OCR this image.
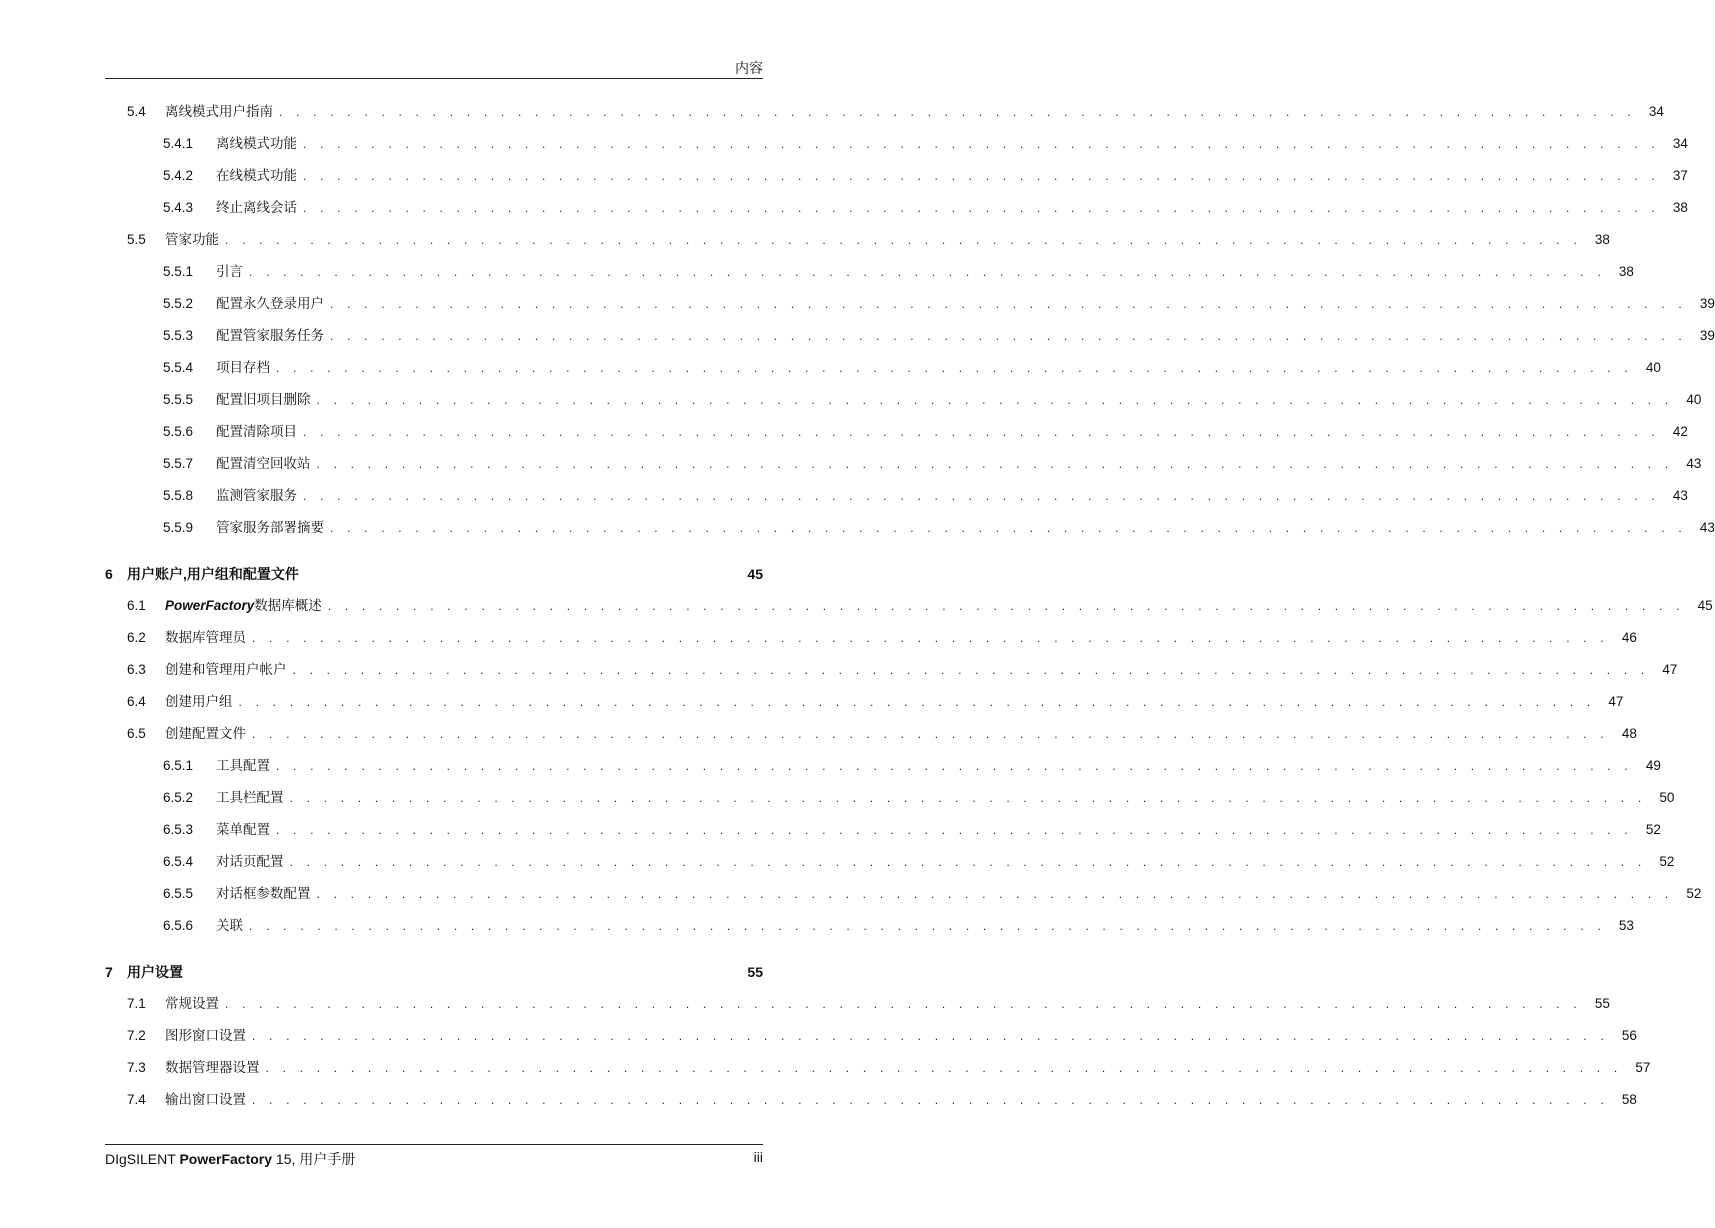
内容
5.4	离线模式用户指南 . . . . . . . . . . . . . . . . . . . . . . . . . . . . . . . . . . . . . . . . . . . . . . . . . . . . . . . . . . . . . . . . . . . . . . . . . . . . . . . . 34
5.4.1	离线模式功能 . . . . . . . . . . . . . . . . . . . . . . . . . . . . . . . . . . . . . . . . . . . . . . . . . . . . . . . . . . . . . . . . . . . . . . . . . . . . . . . . 34
5.4.2	在线模式功能 . . . . . . . . . . . . . . . . . . . . . . . . . . . . . . . . . . . . . . . . . . . . . . . . . . . . . . . . . . . . . . . . . . . . . . . . . . . . . . . . 37
5.4.3	终止离线会话 . . . . . . . . . . . . . . . . . . . . . . . . . . . . . . . . . . . . . . . . . . . . . . . . . . . . . . . . . . . . . . . . . . . . . . . . . . . . . . . . 38
5.5	管家功能 . . . . . . . . . . . . . . . . . . . . . . . . . . . . . . . . . . . . . . . . . . . . . . . . . . . . . . . . . . . . . . . . . . . . . . . . . . . . . . . . 38
5.5.1	引言 . . . . . . . . . . . . . . . . . . . . . . . . . . . . . . . . . . . . . . . . . . . . . . . . . . . . . . . . . . . . . . . . . . . . . . . . . . . . . . . . 38
5.5.2	配置永久登录用户 . . . . . . . . . . . . . . . . . . . . . . . . . . . . . . . . . . . . . . . . . . . . . . . . . . . . . . . . . . . . . . . . . . . . . . . . . . . . . . . . 39
5.5.3	配置管家服务任务 . . . . . . . . . . . . . . . . . . . . . . . . . . . . . . . . . . . . . . . . . . . . . . . . . . . . . . . . . . . . . . . . . . . . . . . . . . . . . . . . 39
5.5.4	项目存档 . . . . . . . . . . . . . . . . . . . . . . . . . . . . . . . . . . . . . . . . . . . . . . . . . . . . . . . . . . . . . . . . . . . . . . . . . . . . . . . . 40
5.5.5	配置旧项目删除 . . . . . . . . . . . . . . . . . . . . . . . . . . . . . . . . . . . . . . . . . . . . . . . . . . . . . . . . . . . . . . . . . . . . . . . . . . . . . . . . 40
5.5.6	配置清除项目 . . . . . . . . . . . . . . . . . . . . . . . . . . . . . . . . . . . . . . . . . . . . . . . . . . . . . . . . . . . . . . . . . . . . . . . . . . . . . . . . 42
5.5.7	配置清空回收站 . . . . . . . . . . . . . . . . . . . . . . . . . . . . . . . . . . . . . . . . . . . . . . . . . . . . . . . . . . . . . . . . . . . . . . . . . . . . . . . . 43
5.5.8	监测管家服务 . . . . . . . . . . . . . . . . . . . . . . . . . . . . . . . . . . . . . . . . . . . . . . . . . . . . . . . . . . . . . . . . . . . . . . . . . . . . . . . . 43
5.5.9	管家服务部署摘要 . . . . . . . . . . . . . . . . . . . . . . . . . . . . . . . . . . . . . . . . . . . . . . . . . . . . . . . . . . . . . . . . . . . . . . . . . . . . . . . . 43
6	用户账户,用户组和配置文件	45
6.1	PowerFactory数据库概述 . . . . . . . . . . . . . . . . . . . . . . . . . . . . . . . . . . . . . . . . . . . . . . . . . . . . . . . . . . . . . . . . . . . . . . . . . . . . . . . . 45
6.2	数据库管理员 . . . . . . . . . . . . . . . . . . . . . . . . . . . . . . . . . . . . . . . . . . . . . . . . . . . . . . . . . . . . . . . . . . . . . . . . . . . . . . . . 46
6.3	创建和管理用户帐户 . . . . . . . . . . . . . . . . . . . . . . . . . . . . . . . . . . . . . . . . . . . . . . . . . . . . . . . . . . . . . . . . . . . . . . . . . . . . . . . . 47
6.4	创建用户组 . . . . . . . . . . . . . . . . . . . . . . . . . . . . . . . . . . . . . . . . . . . . . . . . . . . . . . . . . . . . . . . . . . . . . . . . . . . . . . . . 47
6.5	创建配置文件 . . . . . . . . . . . . . . . . . . . . . . . . . . . . . . . . . . . . . . . . . . . . . . . . . . . . . . . . . . . . . . . . . . . . . . . . . . . . . . . . 48
6.5.1	工具配置 . . . . . . . . . . . . . . . . . . . . . . . . . . . . . . . . . . . . . . . . . . . . . . . . . . . . . . . . . . . . . . . . . . . . . . . . . . . . . . . . 49
6.5.2	工具栏配置 . . . . . . . . . . . . . . . . . . . . . . . . . . . . . . . . . . . . . . . . . . . . . . . . . . . . . . . . . . . . . . . . . . . . . . . . . . . . . . . . 50
6.5.3	菜单配置 . . . . . . . . . . . . . . . . . . . . . . . . . . . . . . . . . . . . . . . . . . . . . . . . . . . . . . . . . . . . . . . . . . . . . . . . . . . . . . . . 52
6.5.4	对话页配置 . . . . . . . . . . . . . . . . . . . . . . . . . . . . . . . . . . . . . . . . . . . . . . . . . . . . . . . . . . . . . . . . . . . . . . . . . . . . . . . . 52
6.5.5	对话框参数配置 . . . . . . . . . . . . . . . . . . . . . . . . . . . . . . . . . . . . . . . . . . . . . . . . . . . . . . . . . . . . . . . . . . . . . . . . . . . . . . . . 52
6.5.6	关联 . . . . . . . . . . . . . . . . . . . . . . . . . . . . . . . . . . . . . . . . . . . . . . . . . . . . . . . . . . . . . . . . . . . . . . . . . . . . . . . . 53
7	用户设置	55
7.1	常规设置 . . . . . . . . . . . . . . . . . . . . . . . . . . . . . . . . . . . . . . . . . . . . . . . . . . . . . . . . . . . . . . . . . . . . . . . . . . . . . . . . 55
7.2	图形窗口设置 . . . . . . . . . . . . . . . . . . . . . . . . . . . . . . . . . . . . . . . . . . . . . . . . . . . . . . . . . . . . . . . . . . . . . . . . . . . . . . . . 56
7.3	数据管理器设置 . . . . . . . . . . . . . . . . . . . . . . . . . . . . . . . . . . . . . . . . . . . . . . . . . . . . . . . . . . . . . . . . . . . . . . . . . . . . . . . . 57
7.4	输出窗口设置 . . . . . . . . . . . . . . . . . . . . . . . . . . . . . . . . . . . . . . . . . . . . . . . . . . . . . . . . . . . . . . . . . . . . . . . . . . . . . . . . 58
DIgSILENT PowerFactory 15, 用户手册	iii
